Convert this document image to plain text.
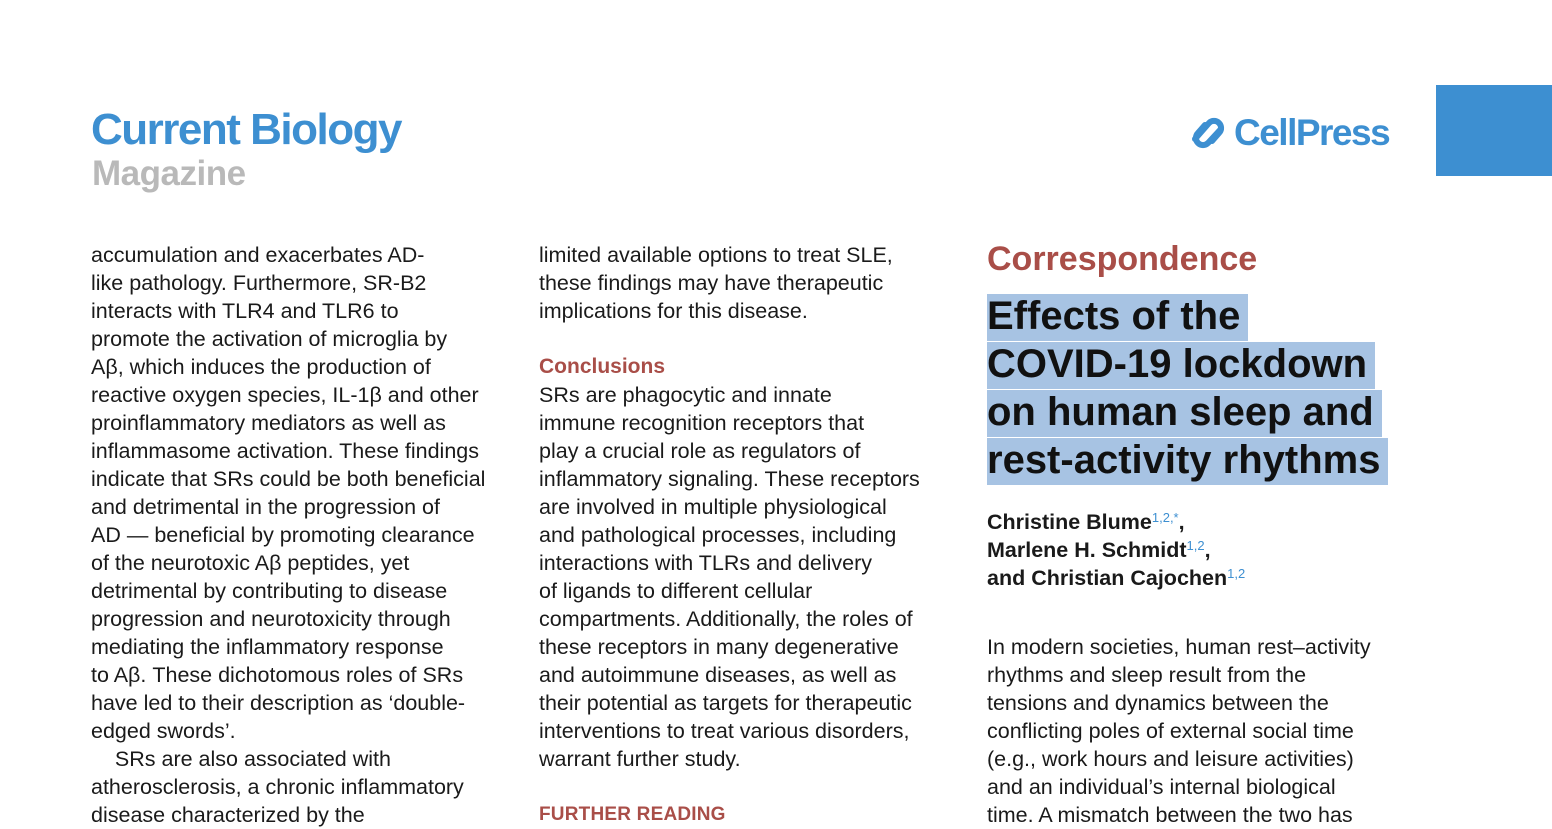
Current Biology
Magazine
CellPress
accumulation and exacerbates AD-
like pathology. Furthermore, SR-B2
interacts with TLR4 and TLR6 to
promote the activation of microglia by
Aβ, which induces the production of
reactive oxygen species, IL-1β and other
proinflammatory mediators as well as
inflammasome activation. These findings
indicate that SRs could be both beneficial
and detrimental in the progression of
AD — beneficial by promoting clearance
of the neurotoxic Aβ peptides, yet
detrimental by contributing to disease
progression and neurotoxicity through
mediating the inflammatory response
to Aβ. These dichotomous roles of SRs
have led to their description as ‘double-
edged swords’.
SRs are also associated with
atherosclerosis, a chronic inflammatory
disease characterized by the
limited available options to treat SLE,
these findings may have therapeutic
implications for this disease.
Conclusions
SRs are phagocytic and innate
immune recognition receptors that
play a crucial role as regulators of
inflammatory signaling. These receptors
are involved in multiple physiological
and pathological processes, including
interactions with TLRs and delivery
of ligands to different cellular
compartments. Additionally, the roles of
these receptors in many degenerative
and autoimmune diseases, as well as
their potential as targets for therapeutic
interventions to treat various disorders,
warrant further study.
FURTHER READING
Correspondence
Effects of the
COVID-19 lockdown
on human sleep and
rest-activity rhythms
Christine Blume$^{1,2,*}$,
Marlene H. Schmidt$^{1,2}$,
and Christian Cajochen$^{1,2}$
In modern societies, human rest–activity
rhythms and sleep result from the
tensions and dynamics between the
conflicting poles of external social time
(e.g., work hours and leisure activities)
and an individual’s internal biological
time. A mismatch between the two has
